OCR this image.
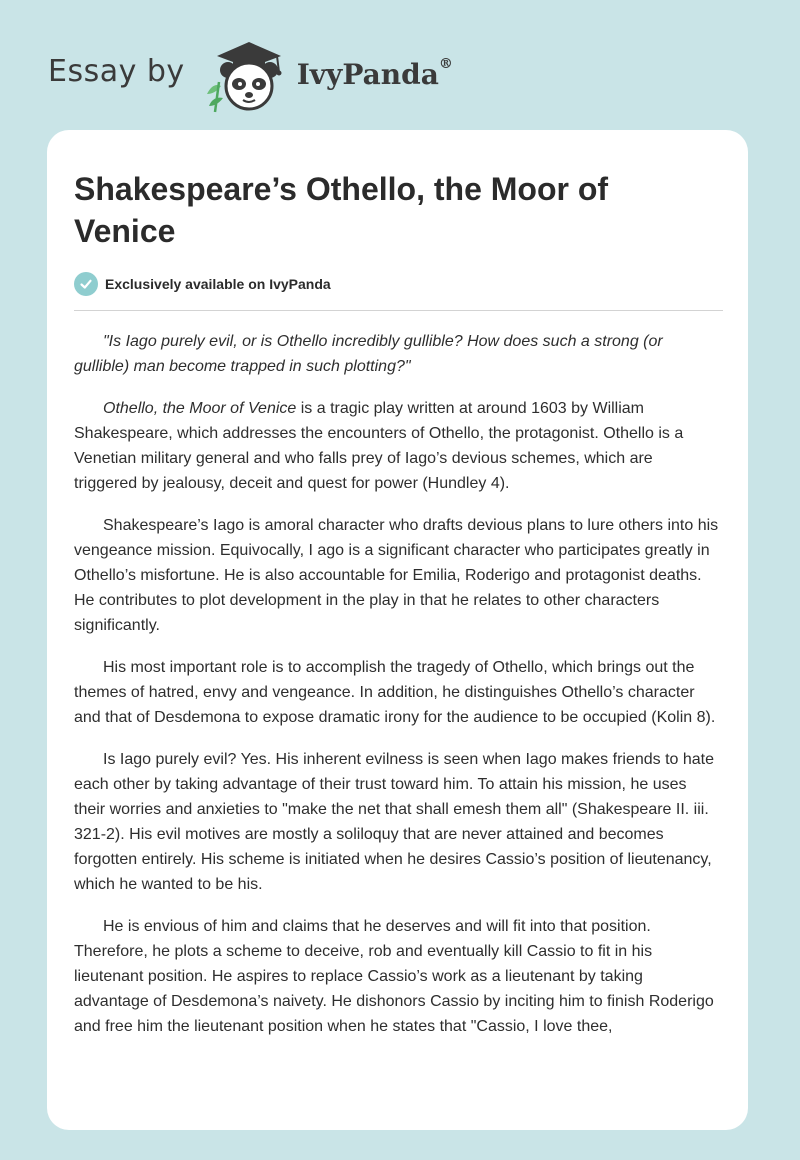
Essay by	IvyPanda®
Shakespeare’s Othello, the Moor of Venice
Exclusively available on IvyPanda

"Is Iago purely evil, or is Othello incredibly gullible? How does such a strong (or gullible) man become trapped in such plotting?"

Othello, the Moor of Venice is a tragic play written at around 1603 by William Shakespeare, which addresses the encounters of Othello, the protagonist. Othello is a Venetian military general and who falls prey of Iago’s devious schemes, which are triggered by jealousy, deceit and quest for power (Hundley 4).

Shakespeare’s Iago is amoral character who drafts devious plans to lure others into his vengeance mission. Equivocally, I ago is a significant character who participates greatly in Othello’s misfortune. He is also accountable for Emilia, Roderigo and protagonist deaths. He contributes to plot development in the play in that he relates to other characters significantly.

His most important role is to accomplish the tragedy of Othello, which brings out the themes of hatred, envy and vengeance. In addition, he distinguishes Othello’s character and that of Desdemona to expose dramatic irony for the audience to be occupied (Kolin 8).

Is Iago purely evil? Yes. His inherent evilness is seen when Iago makes friends to hate each other by taking advantage of their trust toward him. To attain his mission, he uses their worries and anxieties to "make the net that shall emesh them all" (Shakespeare II. iii. 321-2). His evil motives are mostly a soliloquy that are never attained and becomes forgotten entirely. His scheme is initiated when he desires Cassio’s position of lieutenancy, which he wanted to be his.

He is envious of him and claims that he deserves and will fit into that position. Therefore, he plots a scheme to deceive, rob and eventually kill Cassio to fit in his lieutenant position. He aspires to replace Cassio’s work as a lieutenant by taking advantage of Desdemona’s naivety. He dishonors Cassio by inciting him to finish Roderigo and free him the lieutenant position when he states that "Cassio, I love thee,
